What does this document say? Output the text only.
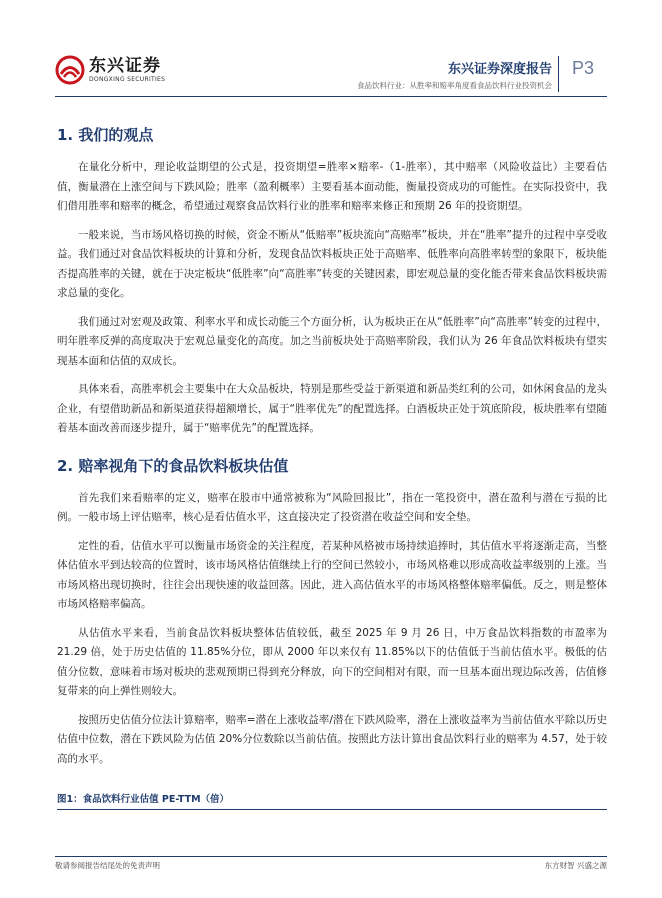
东兴证券
DONGXING SECURITIES
东兴证券深度报告
食品饮料行业：从胜率和赔率角度看食品饮料行业投资机会
P3
1. 我们的观点

在量化分析中，理论收益期望的公式是，投资期望=胜率×赔率-（1-胜率），其中赔率（风险收益比）主要看估值，衡量潜在上涨空间与下跌风险；胜率（盈利概率）主要看基本面动能，衡量投资成功的可能性。在实际投资中，我们借用胜率和赔率的概念，希望通过观察食品饮料行业的胜率和赔率来修正和预期 26 年的投资期望。

一般来说，当市场风格切换的时候，资金不断从“低赔率”板块流向“高赔率”板块，并在“胜率”提升的过程中享受收益。我们通过对食品饮料板块的计算和分析，发现食品饮料板块正处于高赔率、低胜率向高胜率转型的象限下，板块能否提高胜率的关键，就在于决定板块“低胜率”向“高胜率”转变的关键因素，即宏观总量的变化能否带来食品饮料板块需求总量的变化。

我们通过对宏观及政策、利率水平和成长动能三个方面分析，认为板块正在从“低胜率”向“高胜率”转变的过程中，明年胜率反弹的高度取决于宏观总量变化的高度。加之当前板块处于高赔率阶段，我们认为 26 年食品饮料板块有望实现基本面和估值的双成长。

具体来看，高胜率机会主要集中在大众品板块，特别是那些受益于新渠道和新品类红利的公司，如休闲食品的龙头企业，有望借助新品和新渠道获得超额增长，属于“胜率优先”的配置选择。白酒板块正处于筑底阶段，板块胜率有望随着基本面改善而逐步提升，属于“赔率优先”的配置选择。

2. 赔率视角下的食品饮料板块估值

首先我们来看赔率的定义，赔率在股市中通常被称为“风险回报比”，指在一笔投资中，潜在盈利与潜在亏损的比例。一般市场上评估赔率，核心是看估值水平，这直接决定了投资潜在收益空间和安全垫。

定性的看，估值水平可以衡量市场资金的关注程度，若某种风格被市场持续追捧时，其估值水平将逐渐走高，当整体估值水平到达较高的位置时，该市场风格估值继续上行的空间已然较小，市场风格难以形成高收益率级别的上涨。当市场风格出现切换时，往往会出现快速的收益回落。因此，进入高估值水平的市场风格整体赔率偏低。反之，则是整体市场风格赔率偏高。

从估值水平来看，当前食品饮料板块整体估值较低，截至 2025 年 9 月 26 日，中万食品饮料指数的市盈率为 21.29 倍，处于历史估值的 11.85%分位，即从 2000 年以来仅有 11.85%以下的估值低于当前估值水平。极低的估值分位数，意味着市场对板块的悲观预期已得到充分释放，向下的空间相对有限，而一旦基本面出现边际改善，估值修复带来的向上弹性则较大。

按照历史估值分位法计算赔率，赔率=潜在上涨收益率/潜在下跌风险率，潜在上涨收益率为当前估值水平除以历史估值中位数，潜在下跌风险为估值 20%分位数除以当前估值。按照此方法计算出食品饮料行业的赔率为 4.57，处于较高的水平。

图1：食品饮料行业估值 PE-TTM（倍）
敬请参阅报告结尾处的免责声明	东方财智 兴盛之源
